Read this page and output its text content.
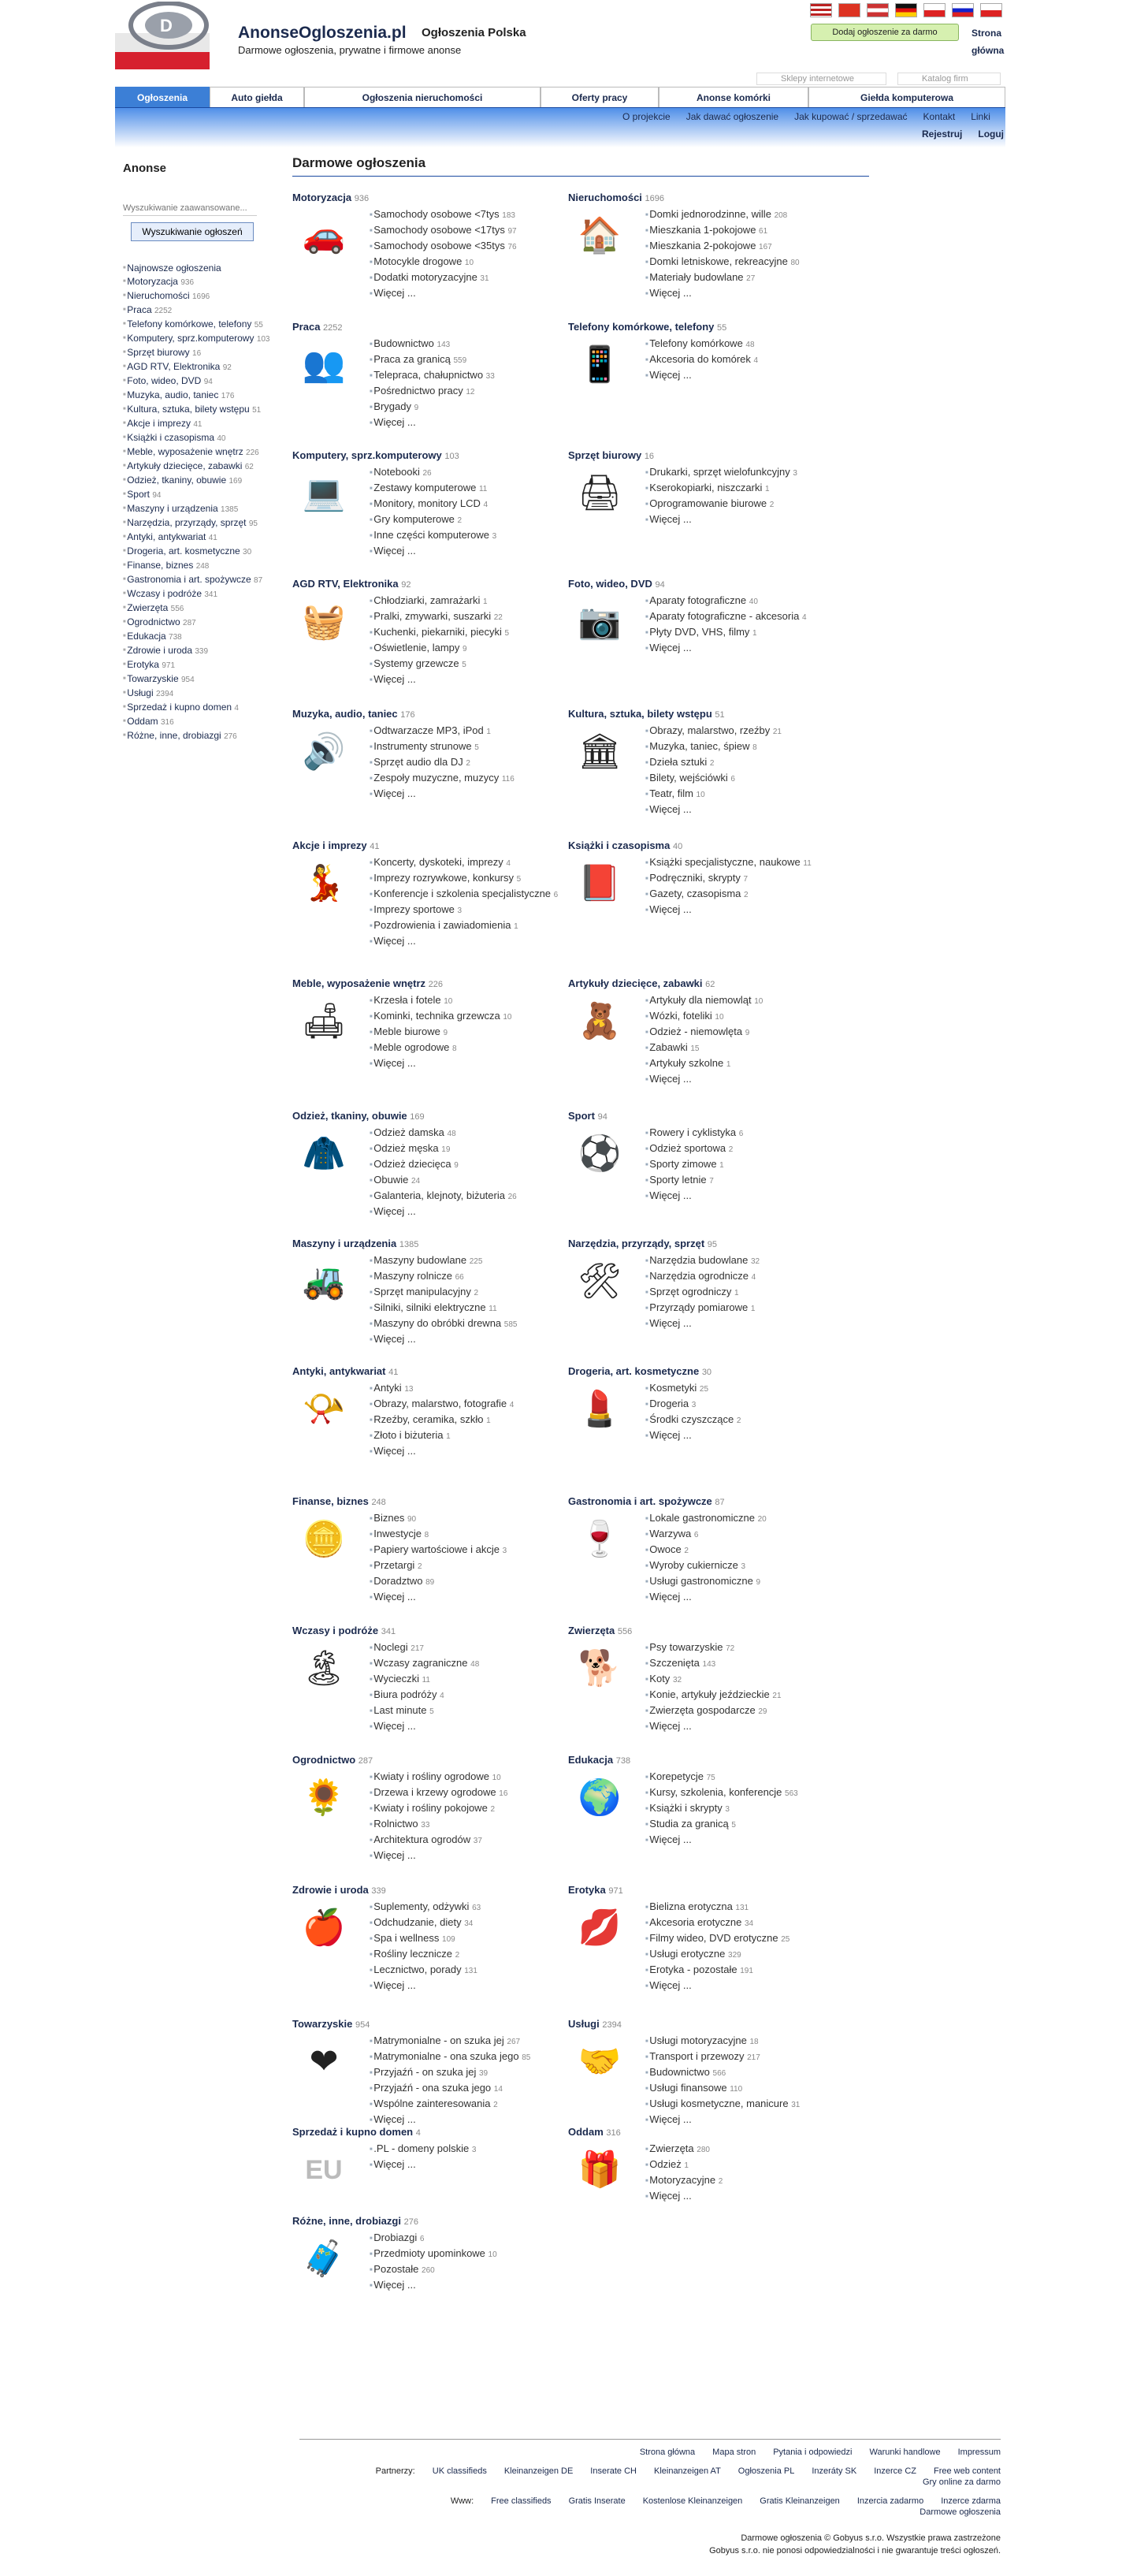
D	AnonseOgloszenia.pl Ogłoszenia Polska
Darmowe ogłoszenia, prywatne i firmowe anonse
Dodaj ogłoszenie za darmo	Strona główna
Sklepy internetowe	Katalog firm
Ogłoszenia	Auto giełda	Ogłoszenia nieruchomości	Oferty pracy	Anonse komórki	Giełda komputerowa
O projekcie Jak dawać ogłoszenie Jak kupować / sprzedawać Kontakt Linki
Rejestruj Loguj
Anonse
Wyszukiwanie zaawansowane...
Wyszukiwanie ogłoszeń
■ Najnowsze ogłoszenia
■ Motoryzacja 936
■ Nieruchomości 1696
■ Praca 2252
■ Telefony komórkowe, telefony 55
■ Komputery, sprz.komputerowy 103
■ Sprzęt biurowy 16
■ AGD RTV, Elektronika 92
■ Foto, wideo, DVD 94
■ Muzyka, audio, taniec 176
■ Kultura, sztuka, bilety wstępu 51
■ Akcje i imprezy 41
■ Książki i czasopisma 40
■ Meble, wyposażenie wnętrz 226
■ Artykuły dziecięce, zabawki 62
■ Odzież, tkaniny, obuwie 169
■ Sport 94
■ Maszyny i urządzenia 1385
■ Narzędzia, przyrządy, sprzęt 95
■ Antyki, antykwariat 41
■ Drogeria, art. kosmetyczne 30
■ Finanse, biznes 248
■ Gastronomia i art. spożywcze 87
■ Wczasy i podróże 341
■ Zwierzęta 556
■ Ogrodnictwo 287
■ Edukacja 738
■ Zdrowie i uroda 339
■ Erotyka 971
■ Towarzyskie 954
■ Usługi 2394
■ Sprzedaż i kupno domen 4
■ Oddam 316
■ Różne, inne, drobiazgi 276
Darmowe ogłoszenia
Motoryzacja 936
🚗
■ Samochody osobowe <7tys 183
■ Samochody osobowe <17tys 97
■ Samochody osobowe <35tys 76
■ Motocykle drogowe 10
■ Dodatki motoryzacyjne 31
■ Więcej ...
Nieruchomości 1696
🏠
■ Domki jednorodzinne, wille 208
■ Mieszkania 1-pokojowe 61
■ Mieszkania 2-pokojowe 167
■ Domki letniskowe, rekreacyjne 80
■ Materiały budowlane 27
■ Więcej ...
Praca 2252
👥
■ Budownictwo 143
■ Praca za granicą 559
■ Telepraca, chałupnictwo 33
■ Pośrednictwo pracy 12
■ Brygady 9
■ Więcej ...
Telefony komórkowe, telefony 55
📱
■ Telefony komórkowe 48
■ Akcesoria do komórek 4
■ Więcej ...
Komputery, sprz.komputerowy 103
💻
■ Notebooki 26
■ Zestawy komputerowe 11
■ Monitory, monitory LCD 4
■ Gry komputerowe 2
■ Inne części komputerowe 3
■ Więcej ...
Sprzęt biurowy 16
🖨
■ Drukarki, sprzęt wielofunkcyjny 3
■ Kserokopiarki, niszczarki 1
■ Oprogramowanie biurowe 2
■ Więcej ...
AGD RTV, Elektronika 92
🧺
■ Chłodziarki, zamrażarki 1
■ Pralki, zmywarki, suszarki 22
■ Kuchenki, piekarniki, piecyki 5
■ Oświetlenie, lampy 9
■ Systemy grzewcze 5
■ Więcej ...
Foto, wideo, DVD 94
📷
■ Aparaty fotograficzne 40
■ Aparaty fotograficzne - akcesoria 4
■ Płyty DVD, VHS, filmy 1
■ Więcej ...
Muzyka, audio, taniec 176
🔊
■ Odtwarzacze MP3, iPod 1
■ Instrumenty strunowe 5
■ Sprzęt audio dla DJ 2
■ Zespoły muzyczne, muzycy 116
■ Więcej ...
Kultura, sztuka, bilety wstępu 51
🏛
■ Obrazy, malarstwo, rzeźby 21
■ Muzyka, taniec, śpiew 8
■ Dzieła sztuki 2
■ Bilety, wejściówki 6
■ Teatr, film 10
■ Więcej ...
Akcje i imprezy 41
💃
■ Koncerty, dyskoteki, imprezy 4
■ Imprezy rozrywkowe, konkursy 5
■ Konferencje i szkolenia specjalistyczne 6
■ Imprezy sportowe 3
■ Pozdrowienia i zawiadomienia 1
■ Więcej ...
Książki i czasopisma 40
📕
■ Książki specjalistyczne, naukowe 11
■ Podręczniki, skrypty 7
■ Gazety, czasopisma 2
■ Więcej ...
Meble, wyposażenie wnętrz 226
🛋
■ Krzesła i fotele 10
■ Kominki, technika grzewcza 10
■ Meble biurowe 9
■ Meble ogrodowe 8
■ Więcej ...
Artykuły dziecięce, zabawki 62
🧸
■ Artykuły dla niemowląt 10
■ Wózki, foteliki 10
■ Odzież - niemowlęta 9
■ Zabawki 15
■ Artykuły szkolne 1
■ Więcej ...
Odzież, tkaniny, obuwie 169
🧥
■ Odzież damska 48
■ Odzież męska 19
■ Odzież dziecięca 9
■ Obuwie 24
■ Galanteria, klejnoty, biżuteria 26
■ Więcej ...
Sport 94
⚽
■ Rowery i cyklistyka 6
■ Odzież sportowa 2
■ Sporty zimowe 1
■ Sporty letnie 7
■ Więcej ...
Maszyny i urządzenia 1385
🚜
■ Maszyny budowlane 225
■ Maszyny rolnicze 66
■ Sprzęt manipulacyjny 2
■ Silniki, silniki elektryczne 11
■ Maszyny do obróbki drewna 585
■ Więcej ...
Narzędzia, przyrządy, sprzęt 95
🛠
■ Narzędzia budowlane 32
■ Narzędzia ogrodnicze 4
■ Sprzęt ogrodniczy 1
■ Przyrządy pomiarowe 1
■ Więcej ...
Antyki, antykwariat 41
📯
■ Antyki 13
■ Obrazy, malarstwo, fotografie 4
■ Rzeźby, ceramika, szkło 1
■ Złoto i biżuteria 1
■ Więcej ...
Drogeria, art. kosmetyczne 30
💄
■ Kosmetyki 25
■ Drogeria 3
■ Środki czyszczące 2
■ Więcej ...
Finanse, biznes 248
🪙
■ Biznes 90
■ Inwestycje 8
■ Papiery wartościowe i akcje 3
■ Przetargi 2
■ Doradztwo 89
■ Więcej ...
Gastronomia i art. spożywcze 87
🍷
■ Lokale gastronomiczne 20
■ Warzywa 6
■ Owoce 2
■ Wyroby cukiernicze 3
■ Usługi gastronomiczne 9
■ Więcej ...
Wczasy i podróże 341
🏝
■ Noclegi 217
■ Wczasy zagraniczne 48
■ Wycieczki 11
■ Biura podróży 4
■ Last minute 5
■ Więcej ...
Zwierzęta 556
🐕
■ Psy towarzyskie 72
■ Szczenięta 143
■ Koty 32
■ Konie, artykuły jeździeckie 21
■ Zwierzęta gospodarcze 29
■ Więcej ...
Ogrodnictwo 287
🌻
■ Kwiaty i rośliny ogrodowe 10
■ Drzewa i krzewy ogrodowe 16
■ Kwiaty i rośliny pokojowe 2
■ Rolnictwo 33
■ Architektura ogrodów 37
■ Więcej ...
Edukacja 738
🌍
■ Korepetycje 75
■ Kursy, szkolenia, konferencje 563
■ Książki i skrypty 3
■ Studia za granicą 5
■ Więcej ...
Zdrowie i uroda 339
🍎
■ Suplementy, odżywki 63
■ Odchudzanie, diety 34
■ Spa i wellness 109
■ Rośliny lecznicze 2
■ Lecznictwo, porady 131
■ Więcej ...
Erotyka 971
💋
■ Bielizna erotyczna 131
■ Akcesoria erotyczne 34
■ Filmy wideo, DVD erotyczne 25
■ Usługi erotyczne 329
■ Erotyka - pozostałe 191
■ Więcej ...
Towarzyskie 954
❤
■ Matrymonialne - on szuka jej 267
■ Matrymonialne - ona szuka jego 85
■ Przyjaźń - on szuka jej 39
■ Przyjaźń - ona szuka jego 14
■ Wspólne zainteresowania 2
■ Więcej ...
Usługi 2394
🤝
■ Usługi motoryzacyjne 18
■ Transport i przewozy 217
■ Budownictwo 566
■ Usługi finansowe 110
■ Usługi kosmetyczne, manicure 31
■ Więcej ...
Sprzedaż i kupno domen 4
EU
■ .PL - domeny polskie 3
■ Więcej ...
Oddam 316
🎁
■ Zwierzęta 280
■ Odzież 1
■ Motoryzacyjne 2
■ Więcej ...
Różne, inne, drobiazgi 276
🧳
■ Drobiazgi 6
■ Przedmioty upominkowe 10
■ Pozostałe 260
■ Więcej ...
Strona główna Mapa stron Pytania i odpowiedzi Warunki handlowe Impressum
Partnerzy: UK classifieds Kleinanzeigen DE Inserate CH Kleinanzeigen AT Ogłoszenia PL Inzeráty SK Inzerce CZ Free web content
Gry online za darmo
Www: Free classifieds Gratis Inserate Kostenlose Kleinanzeigen Gratis Kleinanzeigen Inzercia zadarmo Inzerce zdarma
Darmowe ogłoszenia
Darmowe ogłoszenia © Gobyus s.r.o. Wszystkie prawa zastrzeżone
Gobyus s.r.o. nie ponosi odpowiedzialności i nie gwarantuje treści ogłoszeń.
